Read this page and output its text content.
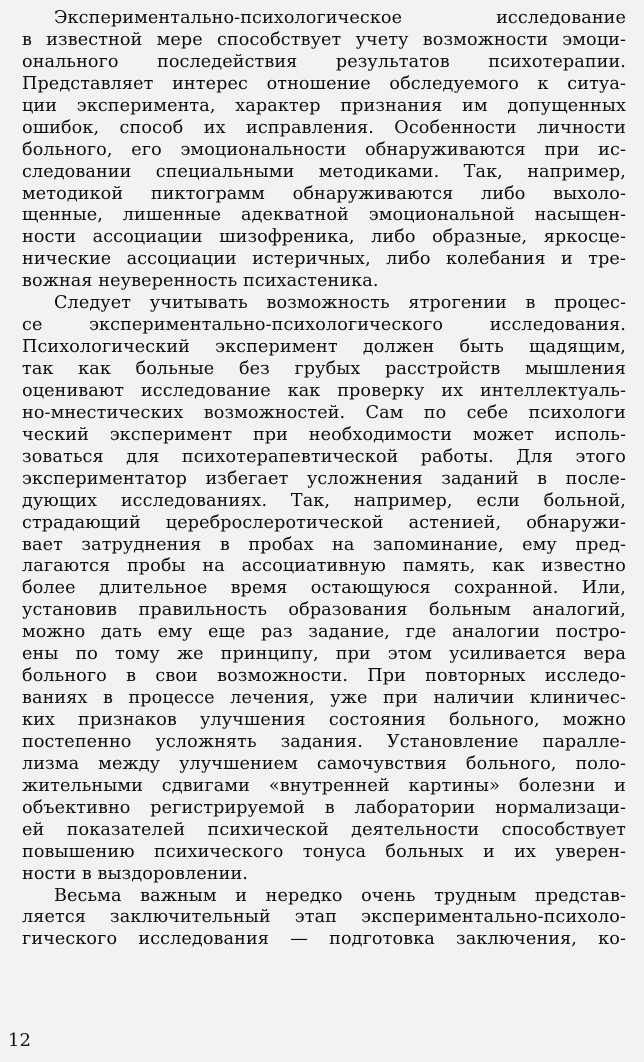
Экспериментально-психологическое исследование
в известной мере способствует учету возможности эмоци-
онального последействия результатов психотерапии.
Представляет интерес отношение обследуемого к ситуа-
ции эксперимента, характер признания им допущенных
ошибок, способ их исправления. Особенности личности
больного, его эмоциональности обнаруживаются при ис-
следовании специальными методиками. Так, например,
методикой пиктограмм обнаруживаются либо выхоло-
щенные, лишенные адекватной эмоциональной насыщен-
ности ассоциации шизофреника, либо образные, яркосце-
нические ассоциации истеричных, либо колебания и тре-
вожная неуверенность психастеника.
Следует учитывать возможность ятрогении в процес-
се экспериментально-психологического исследования.
Психологический эксперимент должен быть щадящим,
так как больные без грубых расстройств мышления
оценивают исследование как проверку их интеллектуаль-
но-мнестических возможностей. Сам по себе психологи
ческий эксперимент при необходимости может исполь-
зоваться для психотерапевтической работы. Для этого
экспериментатор избегает усложнения заданий в после-
дующих исследованиях. Так, например, если больной,
страдающий цереброслеротической астенией, обнаружи-
вает затруднения в пробах на запоминание, ему пред-
лагаются пробы на ассоциативную память, как известно
более длительное время остающуюся сохранной. Или,
установив правильность образования больным аналогий,
можно дать ему еще раз задание, где аналогии постро-
ены по тому же принципу, при этом усиливается вера
больного в свои возможности. При повторных исследо-
ваниях в процессе лечения, уже при наличии клиничес-
ких признаков улучшения состояния больного, можно
постепенно усложнять задания. Установление паралле-
лизма между улучшением самочувствия больного, поло-
жительными сдвигами «внутренней картины» болезни и
объективно регистрируемой в лаборатории нормализаци-
ей показателей психической деятельности способствует
повышению психического тонуса больных и их уверен-
ности в выздоровлении.
Весьма важным и нередко очень трудным представ-
ляется заключительный этап экспериментально-психоло-
гического исследования — подготовка заключения, ко-
12
